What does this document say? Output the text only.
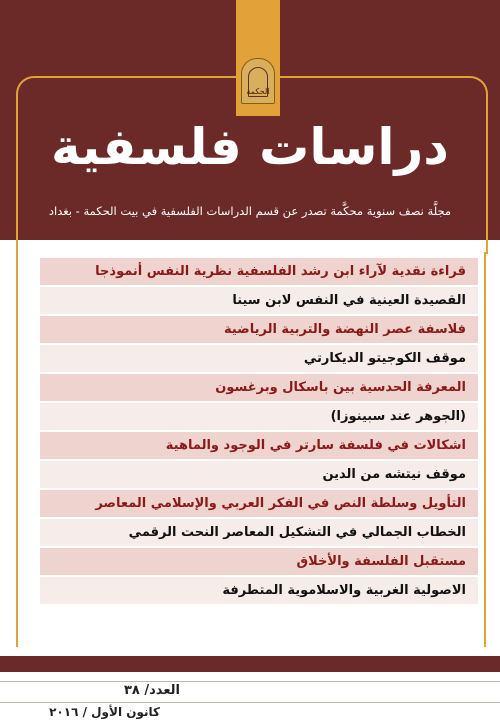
الحكمة
دراسات فلسفية
مجلَّة نصف سنوية محكَّمة تصدر عن قسم الدراسات الفلسفية في بيت الحكمة - بغداد
قراءة نقدية لآراء ابن رشد الفلسفية نظرية النفس أنموذجا
القصيدة العينية في النفس لابن سينا
فلاسفة عصر النهضة والتربية الرياضية
موقف الكوجيتو الديكارتي
المعرفة الحدسية بين باسكال وبرغسون
(الجوهر عند سبينوزا)
اشكالات في فلسفة سارتر في الوجود والماهية
موقف نيتشه من الدين
التأويل وسلطة النص في الفكر العربي والإسلامي المعاصر
الخطاب الجمالي في التشكيل المعاصر النحت الرقمي
مستقبل الفلسفة والأخلاق
الاصولية الغربية والاسلاموية المتطرفة
العدد/ ٣٨
كانون الأول / ٢٠١٦
